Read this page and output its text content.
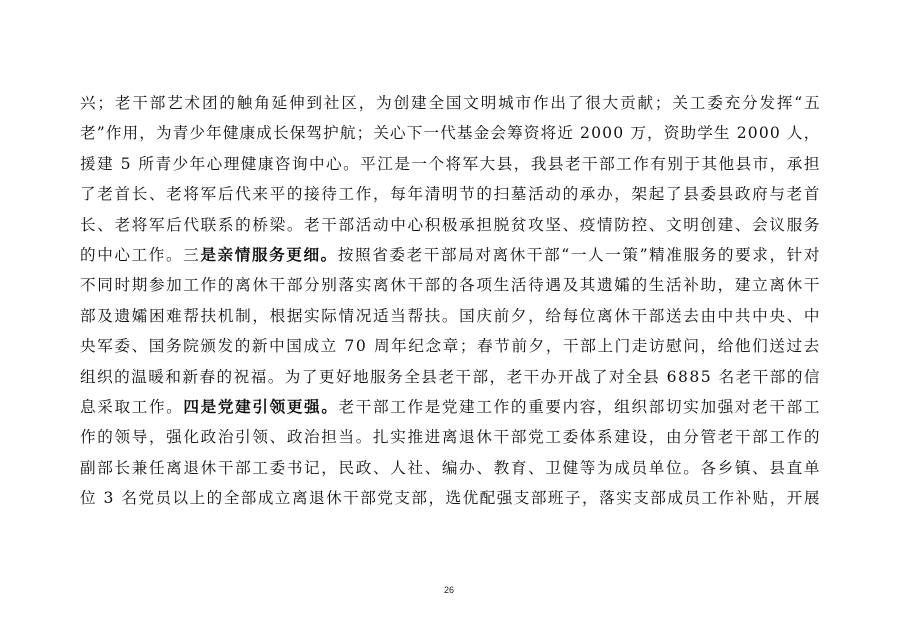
兴 ； 老 干 部 艺 术 团 的 触 角 延 伸 到 社 区 ， 为 创 建 全 国 文 明 城 市 作 出 了 很 大 贡 献 ； 关 工 委 充 分 发 挥 “ 五
老 ” 作 用 ， 为 青 少 年 健 康 成 长 保 驾 护 航 ； 关 心 下 一 代 基 金 会 筹 资 将 近
2 0 0 0
万 ， 资 助 学 生
2 0 0 0
人 ，
援 建
5
所 青 少 年 心 理 健 康 咨 询 中 心 。 平 江 是 一 个 将 军 大 县 ， 我 县 老 干 部 工 作 有 别 于 其 他 县 市 ， 承 担
了 老 首 长 、 老 将 军 后 代 来 平 的 接 待 工 作 ， 每 年 清 明 节 的 扫 墓 活 动 的 承 办 ， 架 起 了 县 委 县 政 府 与 老 首
长 、 老 将 军 后 代 联 系 的 桥 梁 。 老 干 部 活 动 中 心 积 极 承 担 脱 贫 攻 坚 、 疫 情 防 控 、 文 明 创 建 、 会 议 服 务
的 中 心 工 作 。 三 是 亲 情 服 务 更 细 。 按 照 省 委 老 干 部 局 对 离 休 干 部 “ 一 人 一 策 ” 精 准 服 务 的 要 求 ， 针 对
不 同 时 期 参 加 工 作 的 离 休 干 部 分 别 落 实 离 休 干 部 的 各 项 生 活 待 遇 及 其 遗 孀 的 生 活 补 助 ， 建 立 离 休 干
部 及 遗 孀 困 难 帮 扶 机 制 ， 根 据 实 际 情 况 适 当 帮 扶 。 国 庆 前 夕 ， 给 每 位 离 休 干 部 送 去 由 中 共 中 央 、 中
央 军 委 、 国 务 院 颁 发 的 新 中 国 成 立
7 0
周 年 纪 念 章 ； 春 节 前 夕 ， 干 部 上 门 走 访 慰 问 ， 给 他 们 送 过 去
组 织 的 温 暖 和 新 春 的 祝 福 。 为 了 更 好 地 服 务 全 县 老 干 部 ， 老 干 办 开 战 了 对 全 县
6 8 8 5
名 老 干 部 的 信
息 采 取 工 作 。 四 是 党 建 引 领 更 强 。 老 干 部 工 作 是 党 建 工 作 的 重 要 内 容 ， 组 织 部 切 实 加 强 对 老 干 部 工
作 的 领 导 ， 强 化 政 治 引 领 、 政 治 担 当 。 扎 实 推 进 离 退 休 干 部 党 工 委 体 系 建 设 ， 由 分 管 老 干 部 工 作 的
副 部 长 兼 任 离 退 休 干 部 工 委 书 记 ， 民 政 、 人 社 、 编 办 、 教 育 、 卫 健 等 为 成 员 单 位 。 各 乡 镇 、 县 直 单
位
3
名 党 员 以 上 的 全 部 成 立 离 退 休 干 部 党 支 部 ， 选 优 配 强 支 部 班 子 ， 落 实 支 部 成 员 工 作 补 贴 ， 开 展
26
